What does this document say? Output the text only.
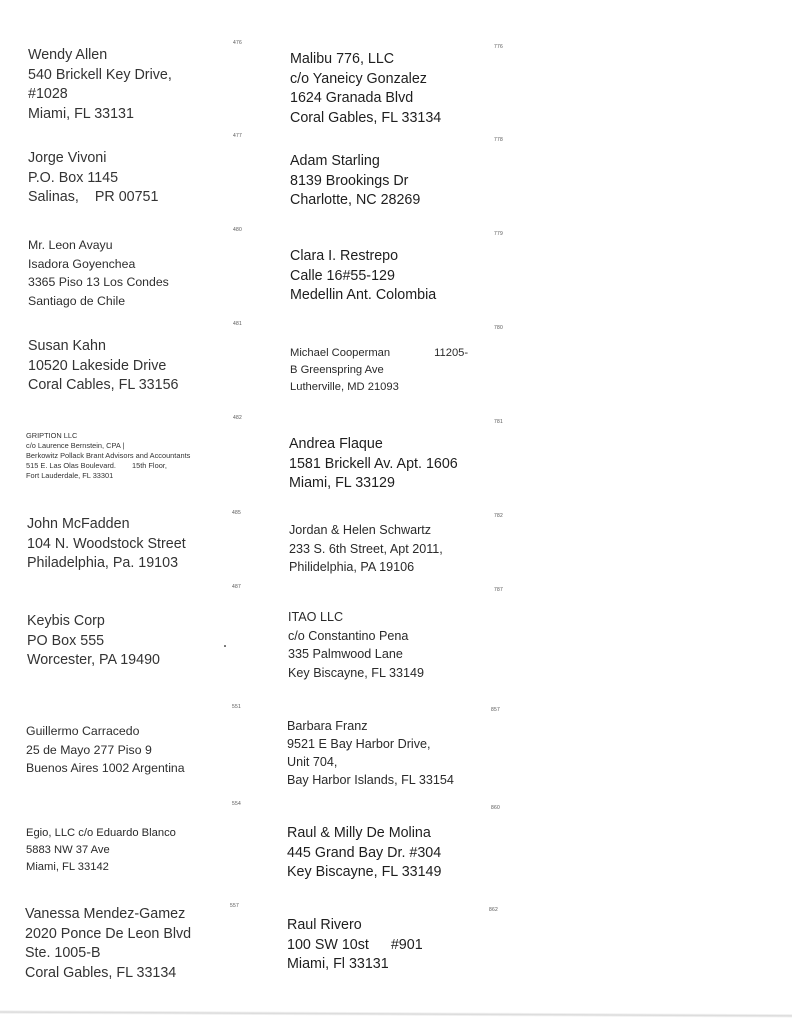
476
Wendy Allen
540 Brickell Key Drive,
#1028
Miami, FL 33131
477
Jorge Vivoni
P.O. Box 1145
Salinas, PR 00751
480
Mr. Leon Avayu
Isadora Goyenchea
3365 Piso 13 Los Condes
Santiago de Chile
481
Susan Kahn
10520 Lakeside Drive
Coral Cables, FL 33156
482
GRIPTION LLC
c/o Laurence Bernstein, CPA |
Berkowitz Pollack Brant Advisors and Accountants
515 E. Las Olas Boulevard. 15th Floor,
Fort Lauderdale, FL 33301
485
John McFadden
104 N. Woodstock Street
Philadelphia, Pa. 19103
487
Keybis Corp
PO Box 555
Worcester, PA 19490
551
Guillermo Carracedo
25 de Mayo 277 Piso 9
Buenos Aires 1002 Argentina
554
Egio, LLC c/o Eduardo Blanco
5883 NW 37 Ave
Miami, FL 33142
557
Vanessa Mendez-Gamez
2020 Ponce De Leon Blvd
Ste. 1005-B
Coral Gables, FL 33134
776
Malibu 776, LLC
c/o Yaneicy Gonzalez
1624 Granada Blvd
Coral Gables, FL 33134
778
Adam Starling
8139 Brookings Dr
Charlotte, NC 28269
779
Clara I. Restrepo
Calle 16#55-129
Medellin Ant. Colombia
780
Michael Cooperman	11205-
B Greenspring Ave
Lutherville, MD 21093
781
Andrea Flaque
1581 Brickell Av. Apt. 1606
Miami, FL 33129
782
Jordan & Helen Schwartz
233 S. 6th Street, Apt 2011,
Philidelphia, PA 19106
787
ITAO LLC
c/o Constantino Pena
335 Palmwood Lane
Key Biscayne, FL 33149
857
Barbara Franz
9521 E Bay Harbor Drive,
Unit 704,
Bay Harbor Islands, FL 33154
860
Raul & Milly De Molina
445 Grand Bay Dr. #304
Key Biscayne, FL 33149
862
Raul Rivero
100 SW 10st #901
Miami, Fl 33131
